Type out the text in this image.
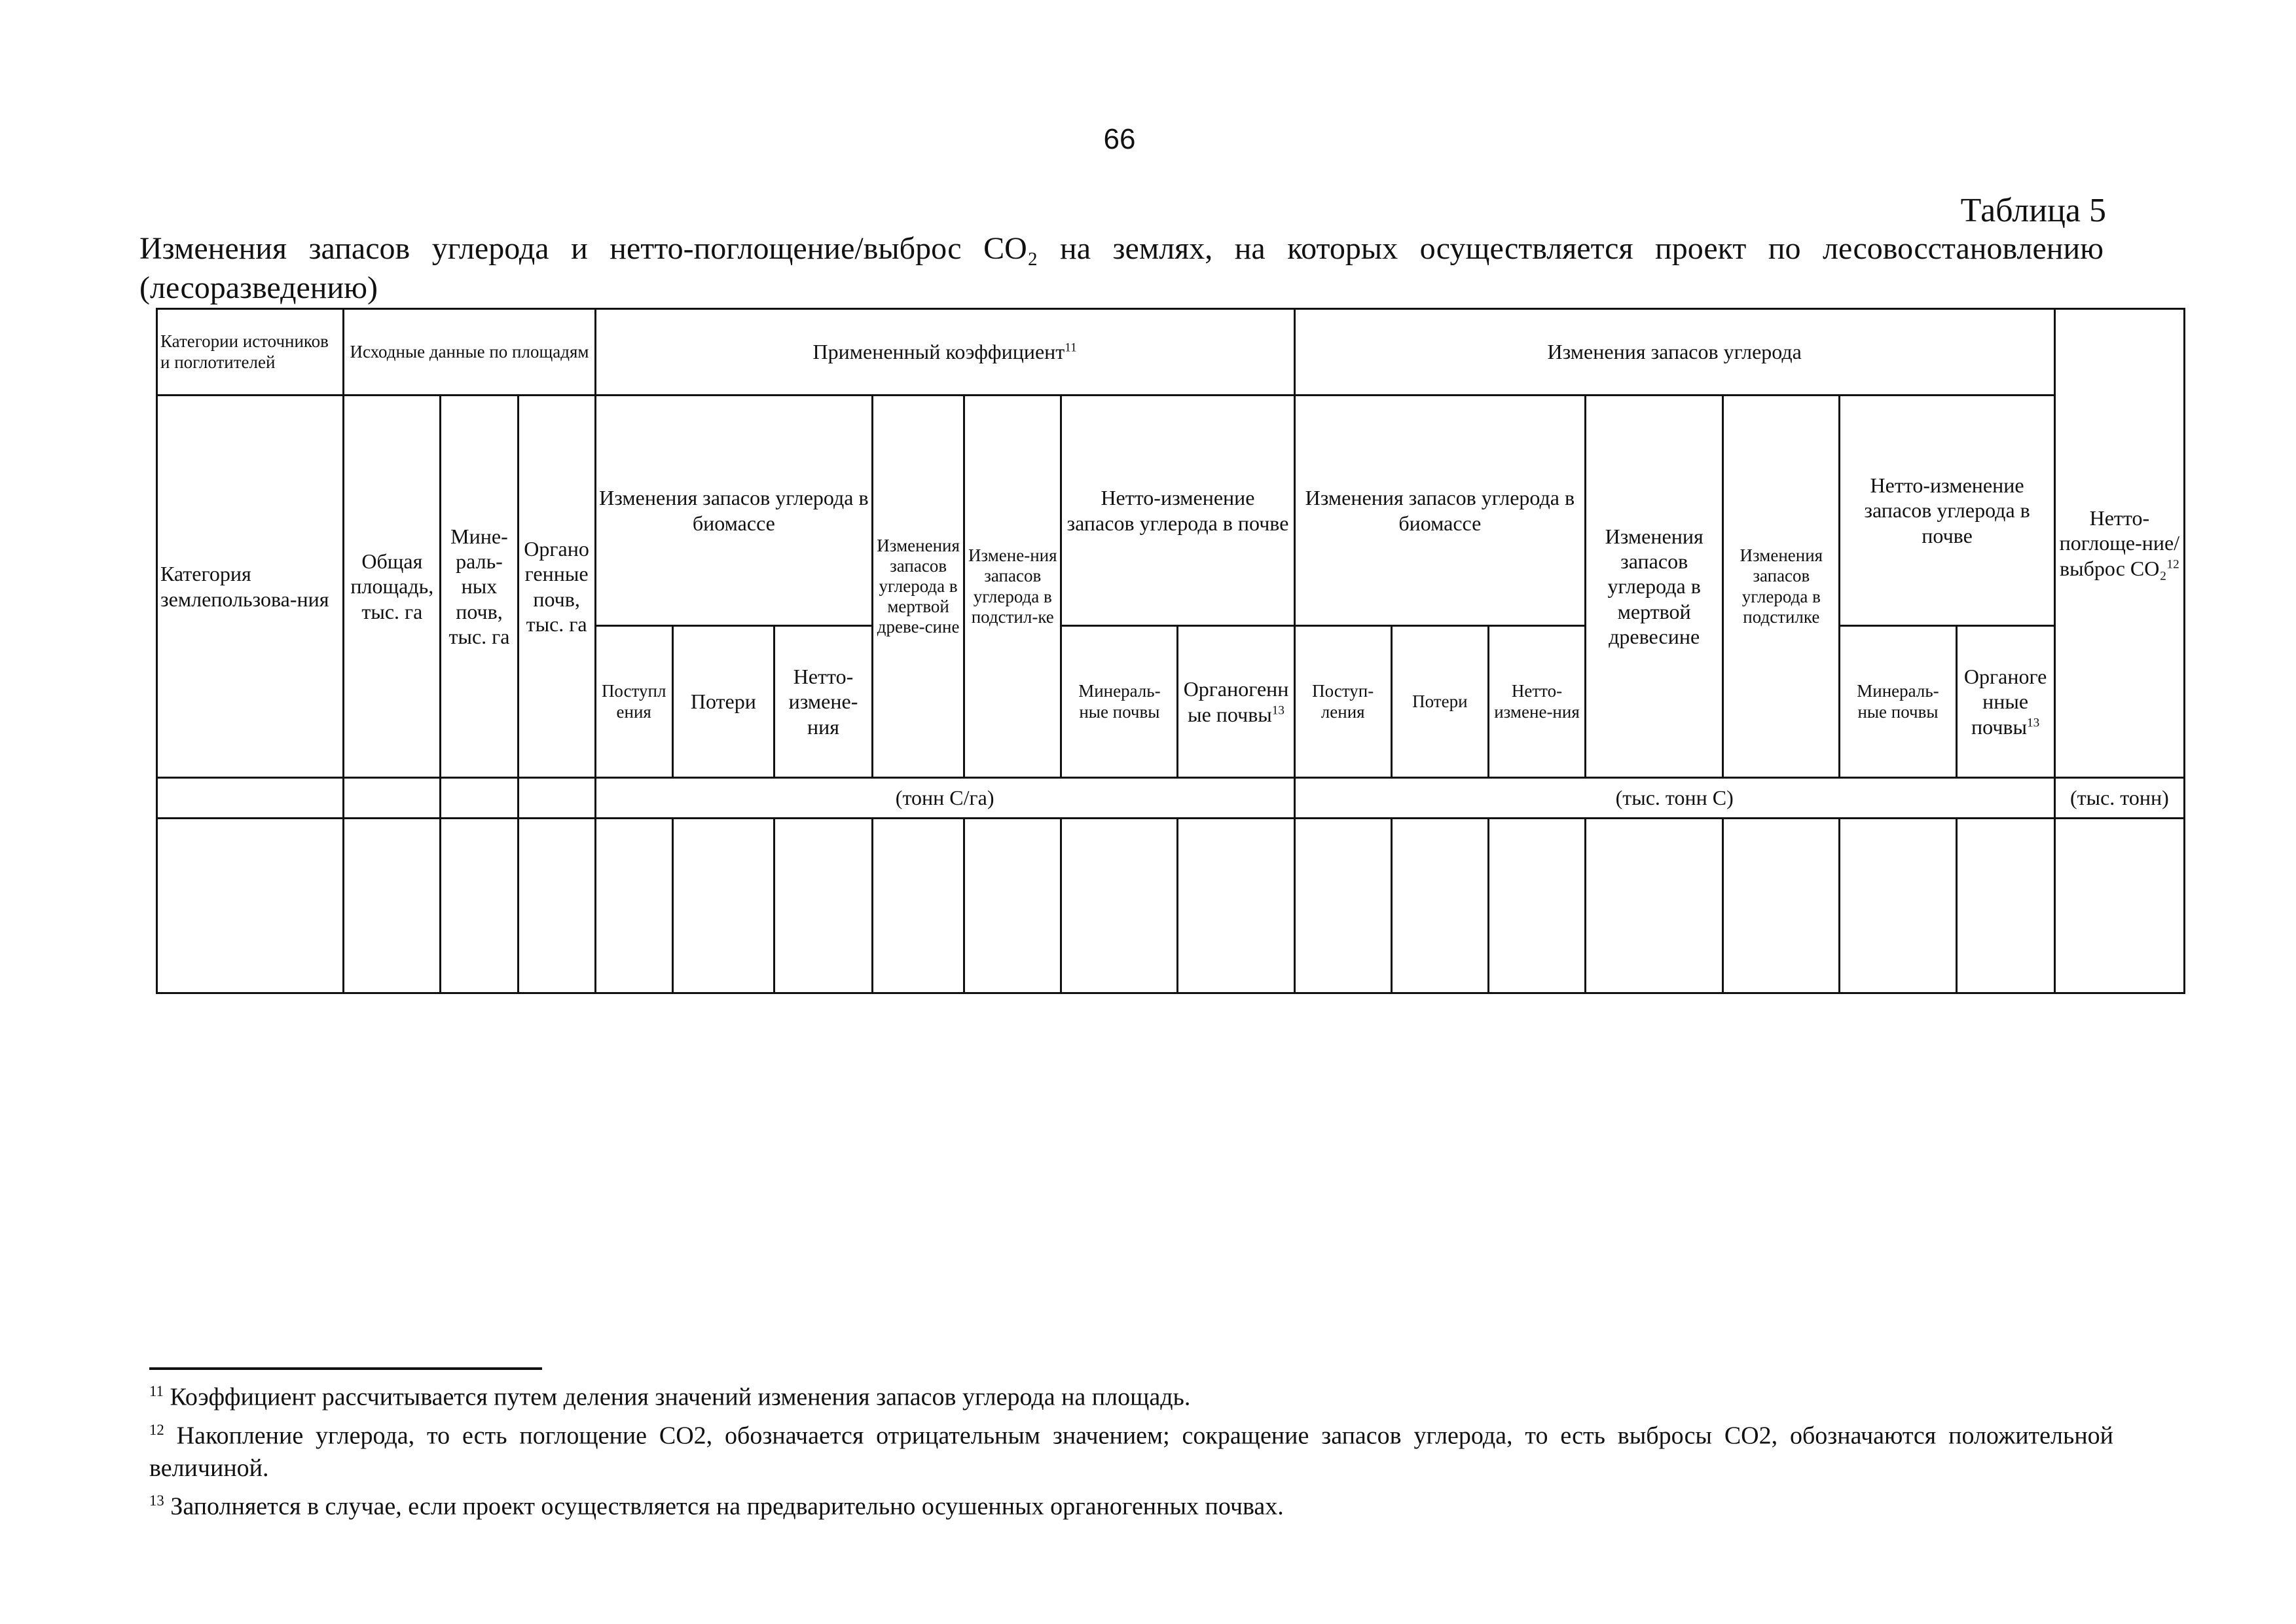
66
Таблица 5
Изменения запасов углерода и нетто-поглощение/выброс CO₂ на землях, на которых осуществляется проект по лесовосстановлению (лесоразведению)
Категории источников и поглотителей	Исходные данные по площадям			Примененный коэффициент$^{11}$							Изменения запасов углерода							Нетто-поглоще-ние/выброс CO₂$^{12}$
Категория землепользова-ния	Общая площадь, тыс. га	Мине-раль-ных почв, тыс. га	Органогенные почв, тыс. га	Изменения запасов углерода в биомассе			Изменения запасов углерода в мертвой древе-сине	Измене-ния запасов углерода в подстил-ке	Нетто-изменение запасов углерода в почве		Изменения запасов углерода в биомассе			Изменения запасов углерода в мертвой древесине	Изменения запасов углерода в подстилке	Нетто-изменение запасов углерода в почве		
				Поступления	Потери	Нетто-измене-ния			Минераль-ные почвы	Органогенные почвы$^{13}$	Поступ-ления	Потери	Нетто-измене-ния			Минераль-ные почвы	Органогенные почвы$^{13}$
				(тонн С/га)							(тыс. тонн С)							(тыс. тонн)

$^{11}$ Коэффициент рассчитывается путем деления значений изменения запасов углерода на площадь.

$^{12}$ Накопление углерода, то есть поглощение CO2, обозначается отрицательным значением; сокращение запасов углерода, то есть выбросы CO2, обозначаются положительной величиной.

$^{13}$ Заполняется в случае, если проект осуществляется на предварительно осушенных органогенных почвах.
